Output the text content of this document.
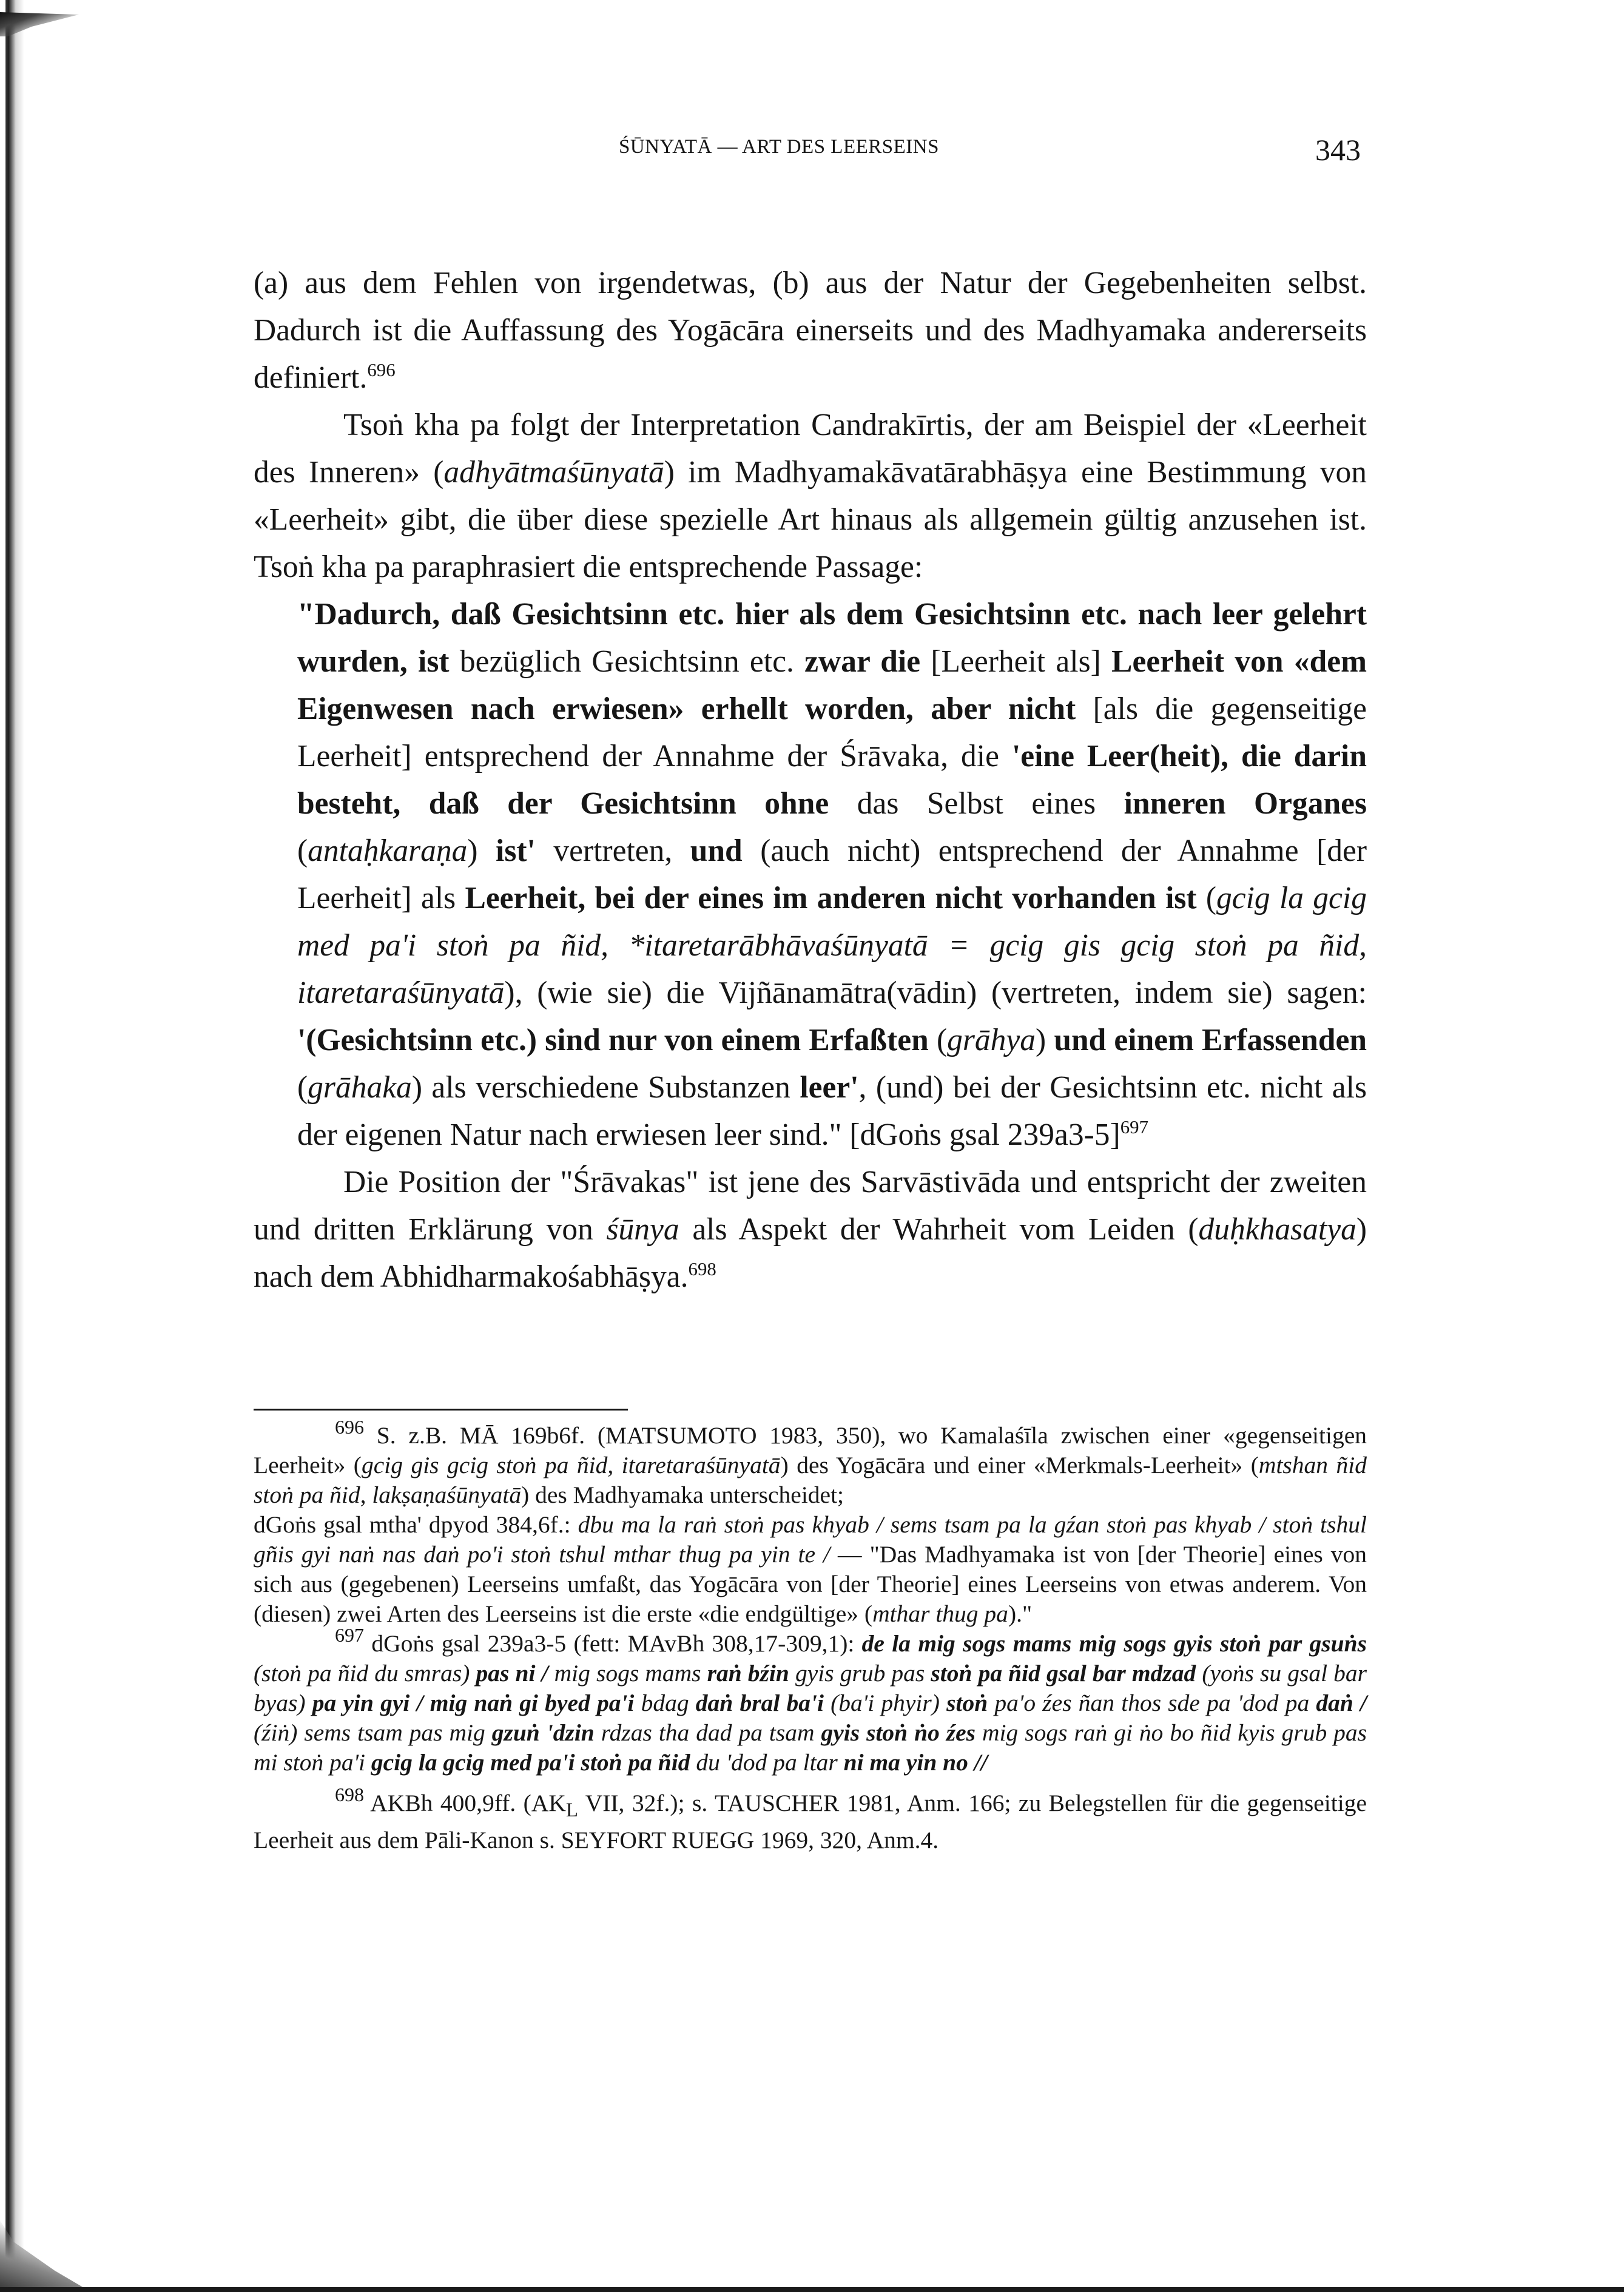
ŚŪNYATĀ — ART DES LEERSEINS	343

(a) aus dem Fehlen von irgendetwas, (b) aus der Natur der Gegebenheiten selbst. Dadurch ist die Auffassung des Yogācāra einerseits und des Madhyamaka andererseits definiert.$^{696}$

Tsoṅ kha pa folgt der Interpretation Candrakīrtis, der am Beispiel der «Leerheit des Inneren» (adhyātmaśūnyatā) im Madhyamakāvatārabhāṣya eine Bestimmung von «Leerheit» gibt, die über diese spezielle Art hinaus als allgemein gültig anzusehen ist. Tsoṅ kha pa paraphrasiert die entsprechende Passage:

"Dadurch, daß Gesichtsinn etc. hier als dem Gesichtsinn etc. nach leer gelehrt wurden, ist bezüglich Gesichtsinn etc. zwar die [Leerheit als] Leerheit von «dem Eigenwesen nach erwiesen» erhellt worden, aber nicht [als die gegenseitige Leerheit] entsprechend der Annahme der Śrāvaka, die 'eine Leer(heit), die darin besteht, daß der Gesichtsinn ohne das Selbst eines inneren Organes (antaḥkaraṇa) ist' vertreten, und (auch nicht) entsprechend der Annahme [der Leerheit] als Leerheit, bei der eines im anderen nicht vorhanden ist (gcig la gcig med pa'i stoṅ pa ñid, *itaretarābhāvaśūnyatā = gcig gis gcig stoṅ pa ñid, itaretaraśūnyatā), (wie sie) die Vijñānamātra(vādin) (vertreten, indem sie) sagen: '(Gesichtsinn etc.) sind nur von einem Erfaßten (grāhya) und einem Erfassenden (grāhaka) als verschiedene Substanzen leer', (und) bei der Gesichtsinn etc. nicht als der eigenen Natur nach erwiesen leer sind." [dGoṅs gsal 239a3-5]$^{697}$

Die Position der "Śrāvakas" ist jene des Sarvāstivāda und entspricht der zweiten und dritten Erklärung von śūnya als Aspekt der Wahrheit vom Leiden (duḥkhasatya) nach dem Abhidharmakośabhāṣya.$^{698}$

$^{696}$ S. z.B. MĀ 169b6f. (MATSUMOTO 1983, 350), wo Kamalaśīla zwischen einer «gegenseitigen Leerheit» (gcig gis gcig stoṅ pa ñid, itaretaraśūnyatā) des Yogācāra und einer «Merkmals-Leerheit» (mtshan ñid stoṅ pa ñid, lakṣaṇaśūnyatā) des Madhyamaka unterscheidet;

dGoṅs gsal mtha' dpyod 384,6f.: dbu ma la raṅ stoṅ pas khyab / sems tsam pa la gźan stoṅ pas khyab / stoṅ tshul gñis gyi naṅ nas daṅ po'i stoṅ tshul mthar thug pa yin te / — "Das Madhyamaka ist von [der Theorie] eines von sich aus (gegebenen) Leerseins umfaßt, das Yogācāra von [der Theorie] eines Leerseins von etwas anderem. Von (diesen) zwei Arten des Leerseins ist die erste «die endgültige» (mthar thug pa)."

$^{697}$ dGoṅs gsal 239a3-5 (fett: MAvBh 308,17-309,1): de la mig sogs mams mig sogs gyis stoṅ par gsuṅs (stoṅ pa ñid du smras) pas ni / mig sogs mams raṅ bźin gyis grub pas stoṅ pa ñid gsal bar mdzad (yoṅs su gsal bar byas) pa yin gyi / mig naṅ gi byed pa'i bdag daṅ bral ba'i (ba'i phyir) stoṅ pa'o źes ñan thos sde pa 'dod pa daṅ / (źiṅ) sems tsam pas mig gzuṅ 'dzin rdzas tha dad pa tsam gyis stoṅ ṅo źes mig sogs raṅ gi ṅo bo ñid kyis grub pas mi stoṅ pa'i gcig la gcig med pa'i stoṅ pa ñid du 'dod pa ltar ni ma yin no //

$^{698}$ AKBh 400,9ff. ($AK_L$ VII, 32f.); s. TAUSCHER 1981, Anm. 166; zu Belegstellen für die gegenseitige Leerheit aus dem Pāli-Kanon s. SEYFORT RUEGG 1969, 320, Anm.4.
